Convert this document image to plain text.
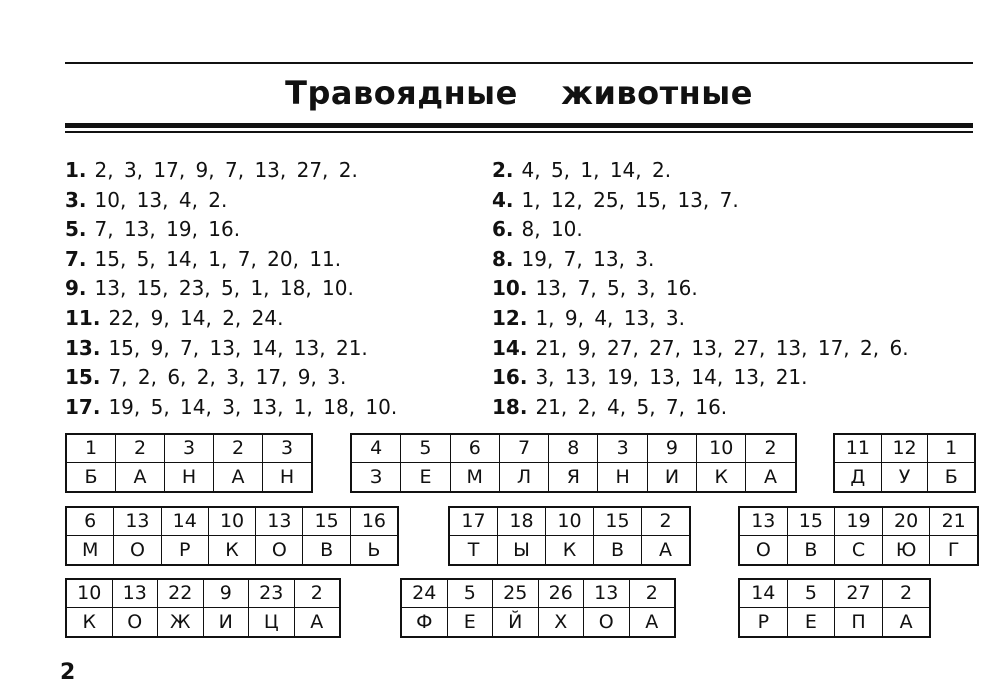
Травоядные  животные
1. 2, 3, 17, 9, 7, 13, 27, 2.
3. 10, 13, 4, 2.
5. 7, 13, 19, 16.
7. 15, 5, 14, 1, 7, 20, 11.
9. 13, 15, 23, 5, 1, 18, 10.
11. 22, 9, 14, 2, 24.
13. 15, 9, 7, 13, 14, 13, 21.
15. 7, 2, 6, 2, 3, 17, 9, 3.
17. 19, 5, 14, 3, 13, 1, 18, 10.
2. 4, 5, 1, 14, 2.
4. 1, 12, 25, 15, 13, 7.
6. 8, 10.
8. 19, 7, 13, 3.
10. 13, 7, 5, 3, 16.
12. 1, 9, 4, 13, 3.
14. 21, 9, 27, 27, 13, 27, 13, 17, 2, 6.
16. 3, 13, 19, 13, 14, 13, 21.
18. 21, 2, 4, 5, 7, 16.
1
Б
2
А
3
Н
2
А
3
Н
4
З
5
Е
6
М
7
Л
8
Я
3
Н
9
И
10
К
2
А
11
Д
12
У
1
Б
6
М
13
О
14
Р
10
К
13
О
15
В
16
Ь
17
Т
18
Ы
10
К
15
В
2
А
13
О
15
В
19
С
20
Ю
21
Г
10
К
13
О
22
Ж
9
И
23
Ц
2
А
24
Ф
5
Е
25
Й
26
Х
13
О
2
А
14
Р
5
Е
27
П
2
А
2
